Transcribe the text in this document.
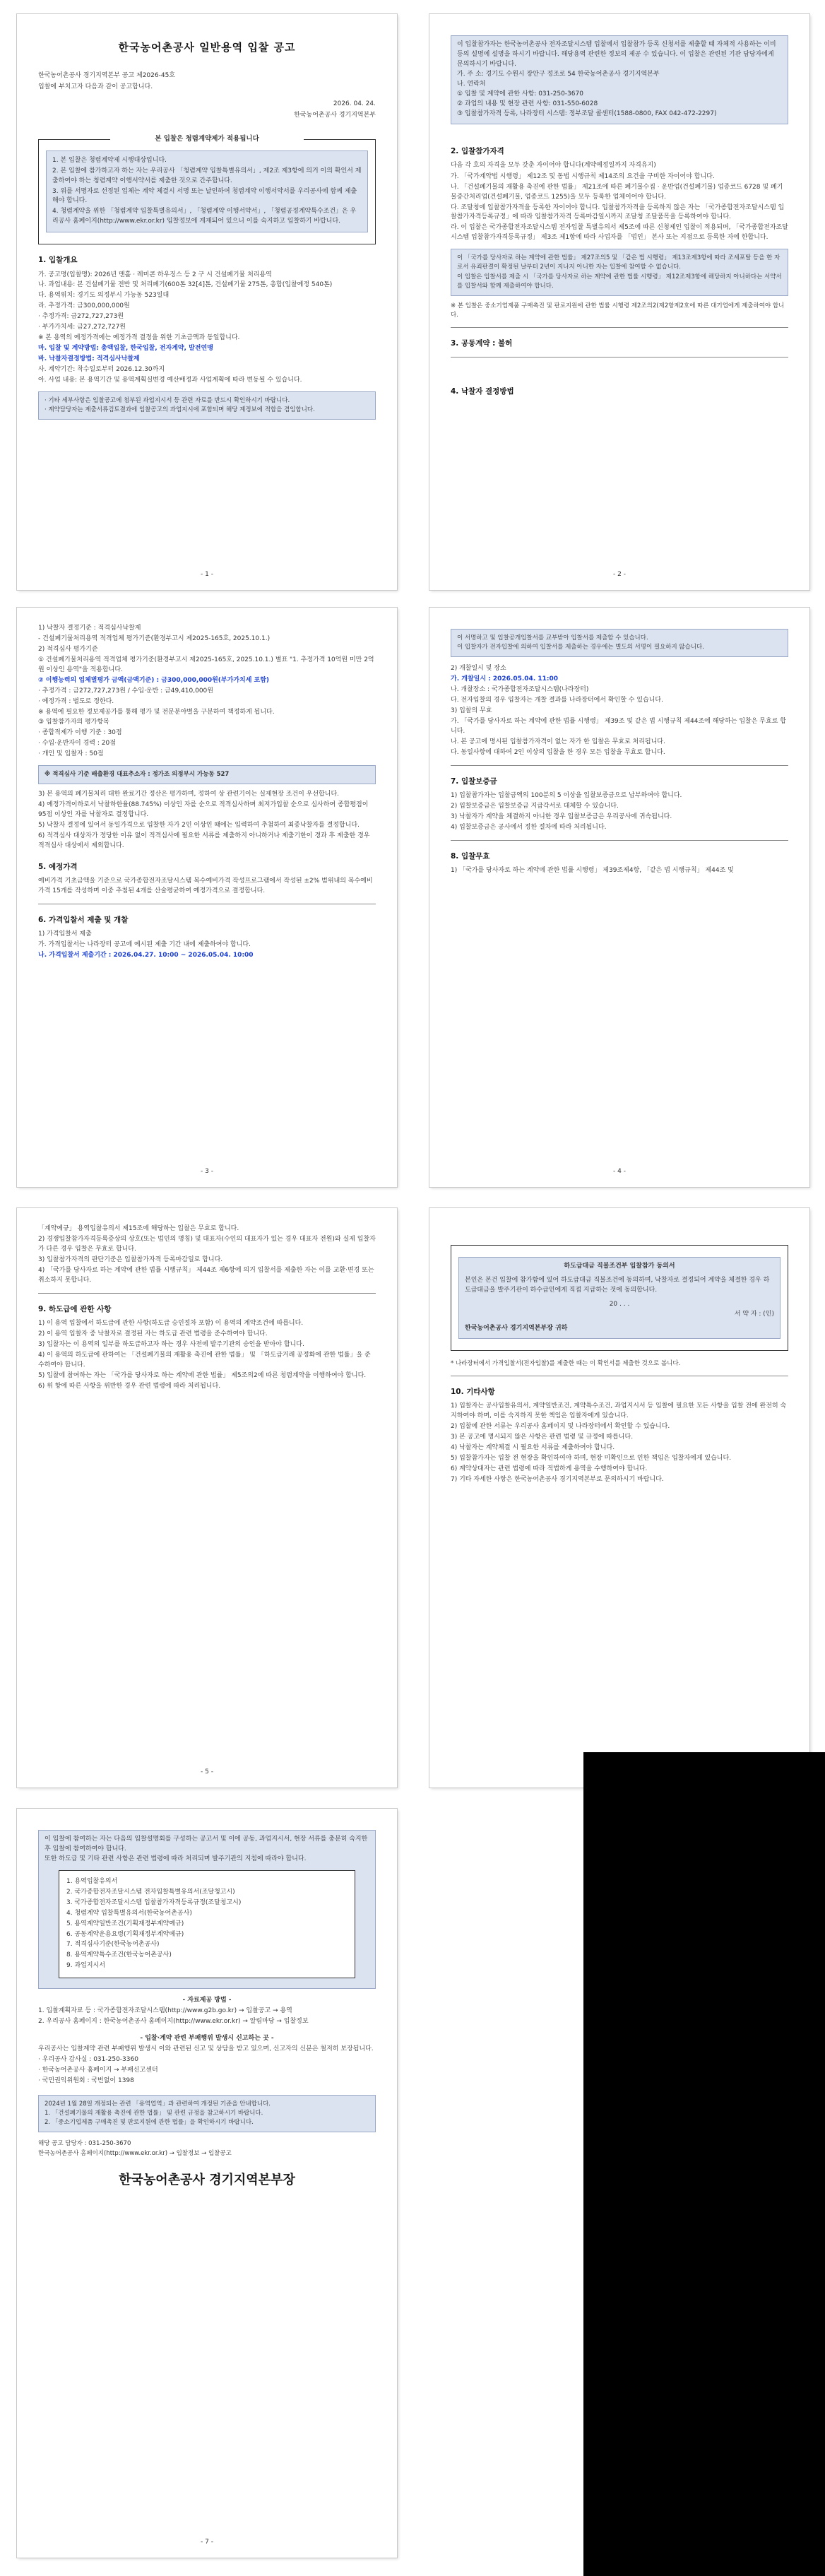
한국농어촌공사 일반용역 입찰 공고
한국농어촌공사 경기지역본부 공고 제2026-45호
입찰에 부치고자 다음과 같이 공고합니다.
2026. 04. 24.
한국농어촌공사 경기지역본부
본 입찰은 청렴계약제가 적용됩니다
1. 본 입찰은 청렴계약제 시행대상입니다.
2. 본 입찰에 참가하고자 하는 자는 우리공사 「청렴계약 입찰특별유의서」, 제2조 제3항에 의거 이의 확인서 제출하여야 하는 청렴계약 이행서약서를 제출한 것으로 간주합니다.
3. 위를 서명자로 선정된 업체는 계약 체결시 서명 또는 날인하여 청렴계약 이행서약서를 우리공사에 함께 제출해야 합니다.
4. 청렴계약을 위한 「청렴계약 입찰특별유의서」, 「청렴계약 이행서약서」, 「청렴공정계약특수조건」은 우리공사 홈페이지(http://www.ekr.or.kr) 입찰정보에 게재되어 있으니 이를 숙지하고 입찰하기 바랍니다.
1. 입찰개요
가. 공고명(입찰명): 2026년 맨홀 · 레미콘 하우징스 등 2 구 시 건설폐기물 처리용역
나. 과업내용: 본 건설폐기물 전반 및 처리폐기(600톤 32[4]톤, 건설폐기물 275톤, 총합(입찰예정 540톤)
다. 용역위치: 경기도 의정부시 가능동 523일대
라. 추정가격: 금300,000,000원
· 추정가격: 금272,727,273원
· 부가가치세: 금27,272,727원
※ 본 용역의 예정가격에는 예정가격 결정을 위한 기초금액과 동일합니다.
마. 입찰 및 계약방법: 총액입찰, 한국입찰, 전자계약, 발전연맹
바. 낙찰자결정방법: 적격심사낙찰제
사. 계약기간: 착수일로부터 2026.12.30까지
아. 사업 내용: 본 용역기간 및 용역계획실변경 예산배정과 사업계획에 따라 변동될 수 있습니다.
· 기타 세부사항은 입찰공고에 첨부된 과업지시서 등 관련 자료를 반드시 확인하시기 바랍니다.
· 계약담당자는 제출서류검토결과에 입찰공고의 과업지시에 포함되며 해당 계정보에 적합을 겸임합니다.
- 1 -
이 입찰참가자는 한국농어촌공사 전자조달시스템 입찰에서 입찰참가 등록 신청서를 제출할 때 자체적 사용하는 이비 등의 설명에 설명을 하시기 바랍니다. 해당용역 관련한 정보의 제공 수 있습니다. 이 입찰은 관련된 기관 담당자에게 문의하시기 바랍니다.
가. 주 소: 경기도 수원시 장안구 정조로 54 한국농어촌공사 경기지역본부
나. 연락처
① 입찰 및 계약에 관한 사항: 031-250-3670
② 과업의 내용 및 현장 관련 사항: 031-550-6028
③ 입찰참가자격 등록, 나라장터 시스템: 정부조달 콜센터(1588-0800, FAX 042-472-2297)
2. 입찰참가자격
다음 각 호의 자격을 모두 갖춘 자이어야 합니다(계약예정일까지 자격유지)
가. 「국가계약법 시행령」 제12조 및 동법 시행규칙 제14조의 요건을 구비한 자이어야 합니다.
나. 「건설폐기물의 재활용 촉진에 관한 법률」 제21조에 따른 폐기물수집 · 운반업(건설폐기물) 업종코드 6728 및 폐기물중간처리업(건설폐기물, 업종코드 1255)을 모두 등록한 업체이어야 합니다.
다. 조달청에 입찰참가자격을 등록한 자이어야 합니다. 입찰참가자격을 등록하지 않은 자는 「국가종합전자조달시스템 입찰참가자격등록규정」에 따라 입찰참가자격 등록마감일시까지 조달청 조달품목을 등록하여야 합니다.
라. 이 입찰은 국가종합전자조달시스템 전자입찰 특별유의서 제5조에 따른 신청제인 입찰이 적용되며, 「국가종합전자조달시스템 입찰참가자격등록규정」 제3조 제1항에 따라 사업자를 「법인」 본사 또는 지점으로 등록한 자에 한합니다.
이 「국가를 당사자로 하는 계약에 관한 법률」 제27조의5 및 「같은 법 시행령」 제13조제3항에 따라 조세포탈 등을 한 자로서 유죄판결이 확정된 날부터 2년이 지나지 아니한 자는 입찰에 참여할 수 없습니다.
이 입찰은 입찰서를 제출 시 「국가를 당사자로 하는 계약에 관한 법률 시행령」 제12조제3항에 해당하지 아니하다는 서약서를 입찰서와 함께 제출하여야 합니다.
※ 본 입찰은 중소기업제품 구매촉진 및 판로지원에 관한 법률 시행령 제2조의2(제2항제2호에 따른 대기업에게 제출하여야 합니다.
3. 공동계약 : 불허
4. 낙찰자 결정방법
- 2 -
1) 낙찰자 결정기준 : 적격심사낙찰제
- 건설폐기물처리용역 적격업체 평가기준(환경부고시 제2025-165호, 2025.10.1.)
2) 적격심사 평가기준
① 건설폐기물처리용역 적격업체 평가기준(환경부고시 제2025-165호, 2025.10.1.) 별표 "1. 추정가격 10억원 미만 2억원 이상인 용역"을 적용합니다.
② 이행능력의 업체별평가 금액(금액기준) : 금300,000,000원(부가가치세 포함)
· 추정가격 : 금272,727,273원 / 수입·운반 : 금49,410,000원
· 예정가격 : 별도로 정한다.
※ 용역에 필요한 정보제공가를 통해 평가 및 전문분야별을 구분하여 책정하게 됩니다.
③ 입찰참가자의 평가항목
· 종합적제가 이행 기준 : 30점
· 수입·운반자이 경력 : 20점
· 개인 및 입찰자 : 50점
※ 적격심사 기준 배출환경 대표추소자 : 정가조 의정부시 가능동 527
3) 본 용역의 폐기물처리 대한 완료기간 정산은 평가하며, 정하여 상 관련기이는 실제현장 조건이 우선합니다.
4) 예정가격이하로서 낙찰하한율(88.745%) 이상인 자를 순으로 적격심사하며 최저가입찰 순으로 심사하여 종합평점이 95점 이상인 자를 낙찰자로 결정합니다.
5) 낙찰자 결정에 있어서 동일가격으로 입찰한 자가 2인 이상인 때에는 입력하여 추첨하여 최종낙찰자를 결정합니다.
6) 적격심사 대상자가 정당한 이유 없이 적격심사에 필요한 서류를 제출하지 아니하거나 제출기한이 경과 후 제출한 경우 적격심사 대상에서 제외합니다.
5. 예정가격
예비가격 기초금액을 기준으로 국가종합전자조달시스템 복수예비가격 작성프로그램에서 작성된 ±2% 범위내의 복수예비가격 15개를 작성하며 이중 추첨된 4개를 산술평균하여 예정가격으로 결정합니다.
6. 가격입찰서 제출 및 개찰
1) 가격입찰서 제출
가. 가격입찰서는 나라장터 공고에 예시된 제출 기간 내에 제출하여야 합니다.
나. 가격입찰서 제출기간 : 2026.04.27. 10:00 ~ 2026.05.04. 10:00
- 3 -
이 서명하고 및 입찰공개입찰서를 교부받아 입찰서를 제출할 수 있습니다.
이 입찰자가 전자입찰에 의하여 입찰서를 제출하는 경우에는 별도의 서명이 필요하지 않습니다.
2) 개찰일시 및 장소
가. 개찰일시 : 2026.05.04. 11:00
나. 개찰장소 : 국가종합전자조달시스템(나라장터)
다. 전자입찰의 경우 입찰자는 개찰 결과를 나라장터에서 확인할 수 있습니다.
3) 입찰의 무효
가. 「국가를 당사자로 하는 계약에 관한 법률 시행령」 제39조 및 같은 법 시행규칙 제44조에 해당하는 입찰은 무효로 합니다.
나. 본 공고에 명시된 입찰참가자격이 없는 자가 한 입찰은 무효로 처리됩니다.
다. 동일사항에 대하여 2인 이상의 입찰을 한 경우 모든 입찰을 무효로 합니다.
7. 입찰보증금
1) 입찰참가자는 입찰금액의 100분의 5 이상을 입찰보증금으로 납부하여야 합니다.
2) 입찰보증금은 입찰보증금 지급각서로 대체할 수 있습니다.
3) 낙찰자가 계약을 체결하지 아니한 경우 입찰보증금은 우리공사에 귀속됩니다.
4) 입찰보증금은 공사에서 정한 절차에 따라 처리됩니다.
8. 입찰무효
1) 「국가를 당사자로 하는 계약에 관한 법률 시행령」 제39조제4항, 「같은 법 시행규칙」 제44조 및
- 4 -
「계약예규」 용역입찰유의서 제15조에 해당하는 입찰은 무효로 합니다.
2) 경쟁입찰참가자격등록증상의 상호(또는 법인의 명칭) 및 대표자(수인의 대표자가 있는 경우 대표자 전원)와 실제 입찰자가 다른 경우 입찰은 무효로 합니다.
3) 입찰참가자격의 판단기준은 입찰참가자격 등록마감일로 합니다.
4) 「국가를 당사자로 하는 계약에 관한 법률 시행규칙」 제44조 제6항에 의거 입찰서를 제출한 자는 이를 교환·변경 또는 취소하지 못합니다.
9. 하도급에 관한 사항
1) 이 용역 입찰에서 하도급에 관한 사항(하도급 승인절차 포함) 이 용역의 계약조건에 따릅니다.
2) 이 용역 입찰자 중 낙찰자로 결정된 자는 하도급 관련 법령을 준수하여야 합니다.
3) 입찰자는 이 용역의 일부를 하도급하고자 하는 경우 사전에 발주기관의 승인을 받아야 합니다.
4) 이 용역의 하도급에 관하여는 「건설폐기물의 재활용 촉진에 관한 법률」 및 「하도급거래 공정화에 관한 법률」을 준수하여야 합니다.
5) 입찰에 참여하는 자는 「국가를 당사자로 하는 계약에 관한 법률」 제5조의2에 따른 청렴계약을 이행하여야 합니다.
6) 위 항에 따른 사항을 위반한 경우 관련 법령에 따라 처리됩니다.
- 5 -
하도급대금 직불조건부 입찰참가 동의서
본인은 본건 입찰에 참가함에 있어 하도급대금 직불조건에 동의하며, 낙찰자로 결정되어 계약을 체결한 경우 하도급대금을 발주기관이 하수급인에게 직접 지급하는 것에 동의합니다.
20 . . .
서 약 자 : (인)
한국농어촌공사 경기지역본부장 귀하
* 나라장터에서 가격입찰서(전자입찰)를 제출한 때는 이 확인서를 제출한 것으로 봅니다.
10. 기타사항
1) 입찰자는 공사입찰유의서, 계약일반조건, 계약특수조건, 과업지시서 등 입찰에 필요한 모든 사항을 입찰 전에 완전히 숙지하여야 하며, 이를 숙지하지 못한 책임은 입찰자에게 있습니다.
2) 입찰에 관한 서류는 우리공사 홈페이지 및 나라장터에서 확인할 수 있습니다.
3) 본 공고에 명시되지 않은 사항은 관련 법령 및 규정에 따릅니다.
4) 낙찰자는 계약체결 시 필요한 서류를 제출하여야 합니다.
5) 입찰참가자는 입찰 전 현장을 확인하여야 하며, 현장 미확인으로 인한 책임은 입찰자에게 있습니다.
6) 계약상대자는 관련 법령에 따라 적법하게 용역을 수행하여야 합니다.
7) 기타 자세한 사항은 한국농어촌공사 경기지역본부로 문의하시기 바랍니다.
이 입찰에 참여하는 자는 다음의 입찰설명회를 구성하는 공고서 및 이에 공동, 과업지시서, 현장 서류를 충분히 숙지한 후 입찰에 참여하여야 합니다.
또한 하도급 및 기타 관련 사항은 관련 법령에 따라 처리되며 발주기관의 지침에 따라야 합니다.
1. 용역입찰유의서
2. 국가종합전자조달시스템 전자입찰특별유의서(조달청고시)
3. 국가종합전자조달시스템 입찰참가자격등록규정(조달청고시)
4. 청렴계약 입찰특별유의서(한국농어촌공사)
5. 용역계약일반조건(기획재정부계약예규)
6. 공동계약운용요령(기획재정부계약예규)
7. 적격심사기준(한국농어촌공사)
8. 용역계약특수조건(한국농어촌공사)
9. 과업지시서
- 자료제공 방법 -
1. 입찰계획자료 등 : 국가종합전자조달시스템(http://www.g2b.go.kr) → 입찰공고 → 용역
2. 우리공사 홈페이지 : 한국농어촌공사 홈페이지(http://www.ekr.or.kr) → 알림마당 → 입찰정보
- 입찰·계약 관련 부패행위 발생시 신고하는 곳 -
우리공사는 입찰계약 관련 부패행위 발생시 이와 관련된 신고 및 상담을 받고 있으며, 신고자의 신분은 철저히 보장됩니다.
· 우리공사 감사실 : 031-250-3360
· 한국농어촌공사 홈페이지 → 부패신고센터
· 국민권익위원회 : 국번없이 1398
2024년 1월 28일 개정되는 관련 「용역업역」과 관련하여 개정된 기준을 안내합니다.
1. 「건설폐기물의 재활용 촉진에 관한 법률」 및 관련 규정을 참고하시기 바랍니다.
2. 「중소기업제품 구매촉진 및 판로지원에 관한 법률」을 확인하시기 바랍니다.
해당 공고 담당자 : 031-250-3670
한국농어촌공사 홈페이지(http://www.ekr.or.kr) → 입찰정보 → 입찰공고
한국농어촌공사 경기지역본부장
- 7 -
